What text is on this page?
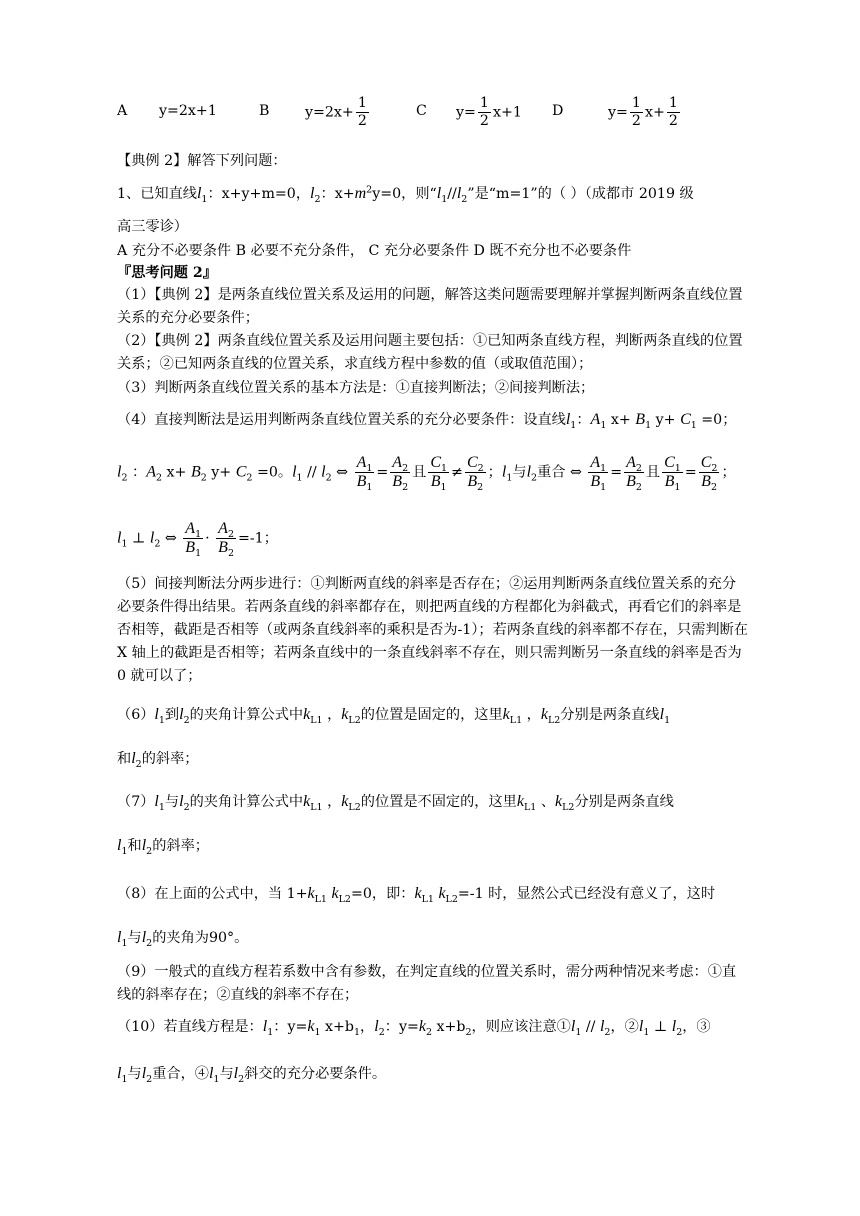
A y=2x+1	B	$y=2x+ \frac{1}{2}$	C $y= \frac{1}{2} x+1$ D	$y= \frac{1}{2} x+ \frac{1}{2}$
【典例 2】解答下列问题：
1、已知直线$l_1$：x+y+m=0，$l_2$：$x+m^2y=0$，则“$l_1//l_2$”是“m=1”的（ ）（成都市 2019 级
高三零诊）
A 充分不必要条件 B 必要不充分条件， C 充分必要条件 D 既不充分也不必要条件
『思考问题 2』
（1）【典例 2】是两条直线位置关系及运用的问题，解答这类问题需要理解并掌握判断两条直线位置关系的充分必要条件；
（2）【典例 2】两条直线位置关系及运用问题主要包括：①已知两条直线方程，判断两条直线的位置关系；②已知两条直线的位置关系，求直线方程中参数的值（或取值范围）；
（3）判断两条直线位置关系的基本方法是：①直接判断法；②间接判断法；
（4）直接判断法是运用判断两条直线位置关系的充分必要条件：设直线$l_1$：$A_1$ $x+ B_1$ $y+ C_1 =0$；
$l_2$ ：$A_2$ $x+ B_2$ $y+ C_2 =0$。$l_1 // l_2$ ⇔ $\frac{A_1}{B_1} = \frac{A_2}{B_2}$ 且 $\frac{C_1}{B_1} \ne \frac{C_2}{B_2}$ ；$l_1$与$l_2$重合 ⇔ $\frac{A_1}{B_1} = \frac{A_2}{B_2}$ 且 $\frac{C_1}{B_1} = \frac{C_2}{B_2}$ ；
$l_1$ ⊥ $l_2$ ⇔ $\frac{A_1}{B_1} \cdot \frac{A_2}{B_2} =-1$；
（5）间接判断法分两步进行：①判断两直线的斜率是否存在；②运用判断两条直线位置关系的充分必要条件得出结果。若两条直线的斜率都存在，则把两直线的方程都化为斜截式，再看它们的斜率是否相等，截距是否相等（或两条直线斜率的乘积是否为-1）；若两条直线的斜率都不存在，只需判断在 X 轴上的截距是否相等；若两条直线中的一条直线斜率不存在，则只需判断另一条直线的斜率是否为 0 就可以了；
$(6)l_1$到$l_2$的夹角计算公式中$k_{L1}$ ，$k_{L2}$的位置是固定的，这里$k_{L1}$ ，$k_{L2}$分别是两条直线$l_1$
和$l_2$的斜率；
$(7)l_1$与$l_2$的夹角计算公式中$k_{L1}$ ，$k_{L2}$的位置是不固定的，这里$k_{L1}$ 、$k_{L2}$分别是两条直线
$l_1$和$l_2$的斜率；
（8）在上面的公式中，当 $1+k_{L1}$ $k_{L2}=0$，即：$k_{L1}$ $k_{L2}=-1$ 时，显然公式已经没有意义了，这时
$l_1$与$l_2$的夹角为90°。
（9）一般式的直线方程若系数中含有参数，在判定直线的位置关系时，需分两种情况来考虑：①直线的斜率存在；②直线的斜率不存在；
（10）若直线方程是：$l_1$：$y=k_1$ $x+b_1$，$l_2$：$y=k_2$ $x+b_2$，则应该注意$①l_1 // l_2$，$②l_1$ ⊥ $l_2$，③
$l_1$与$l_2$重合，$④l_1$与$l_2$斜交的充分必要条件。
